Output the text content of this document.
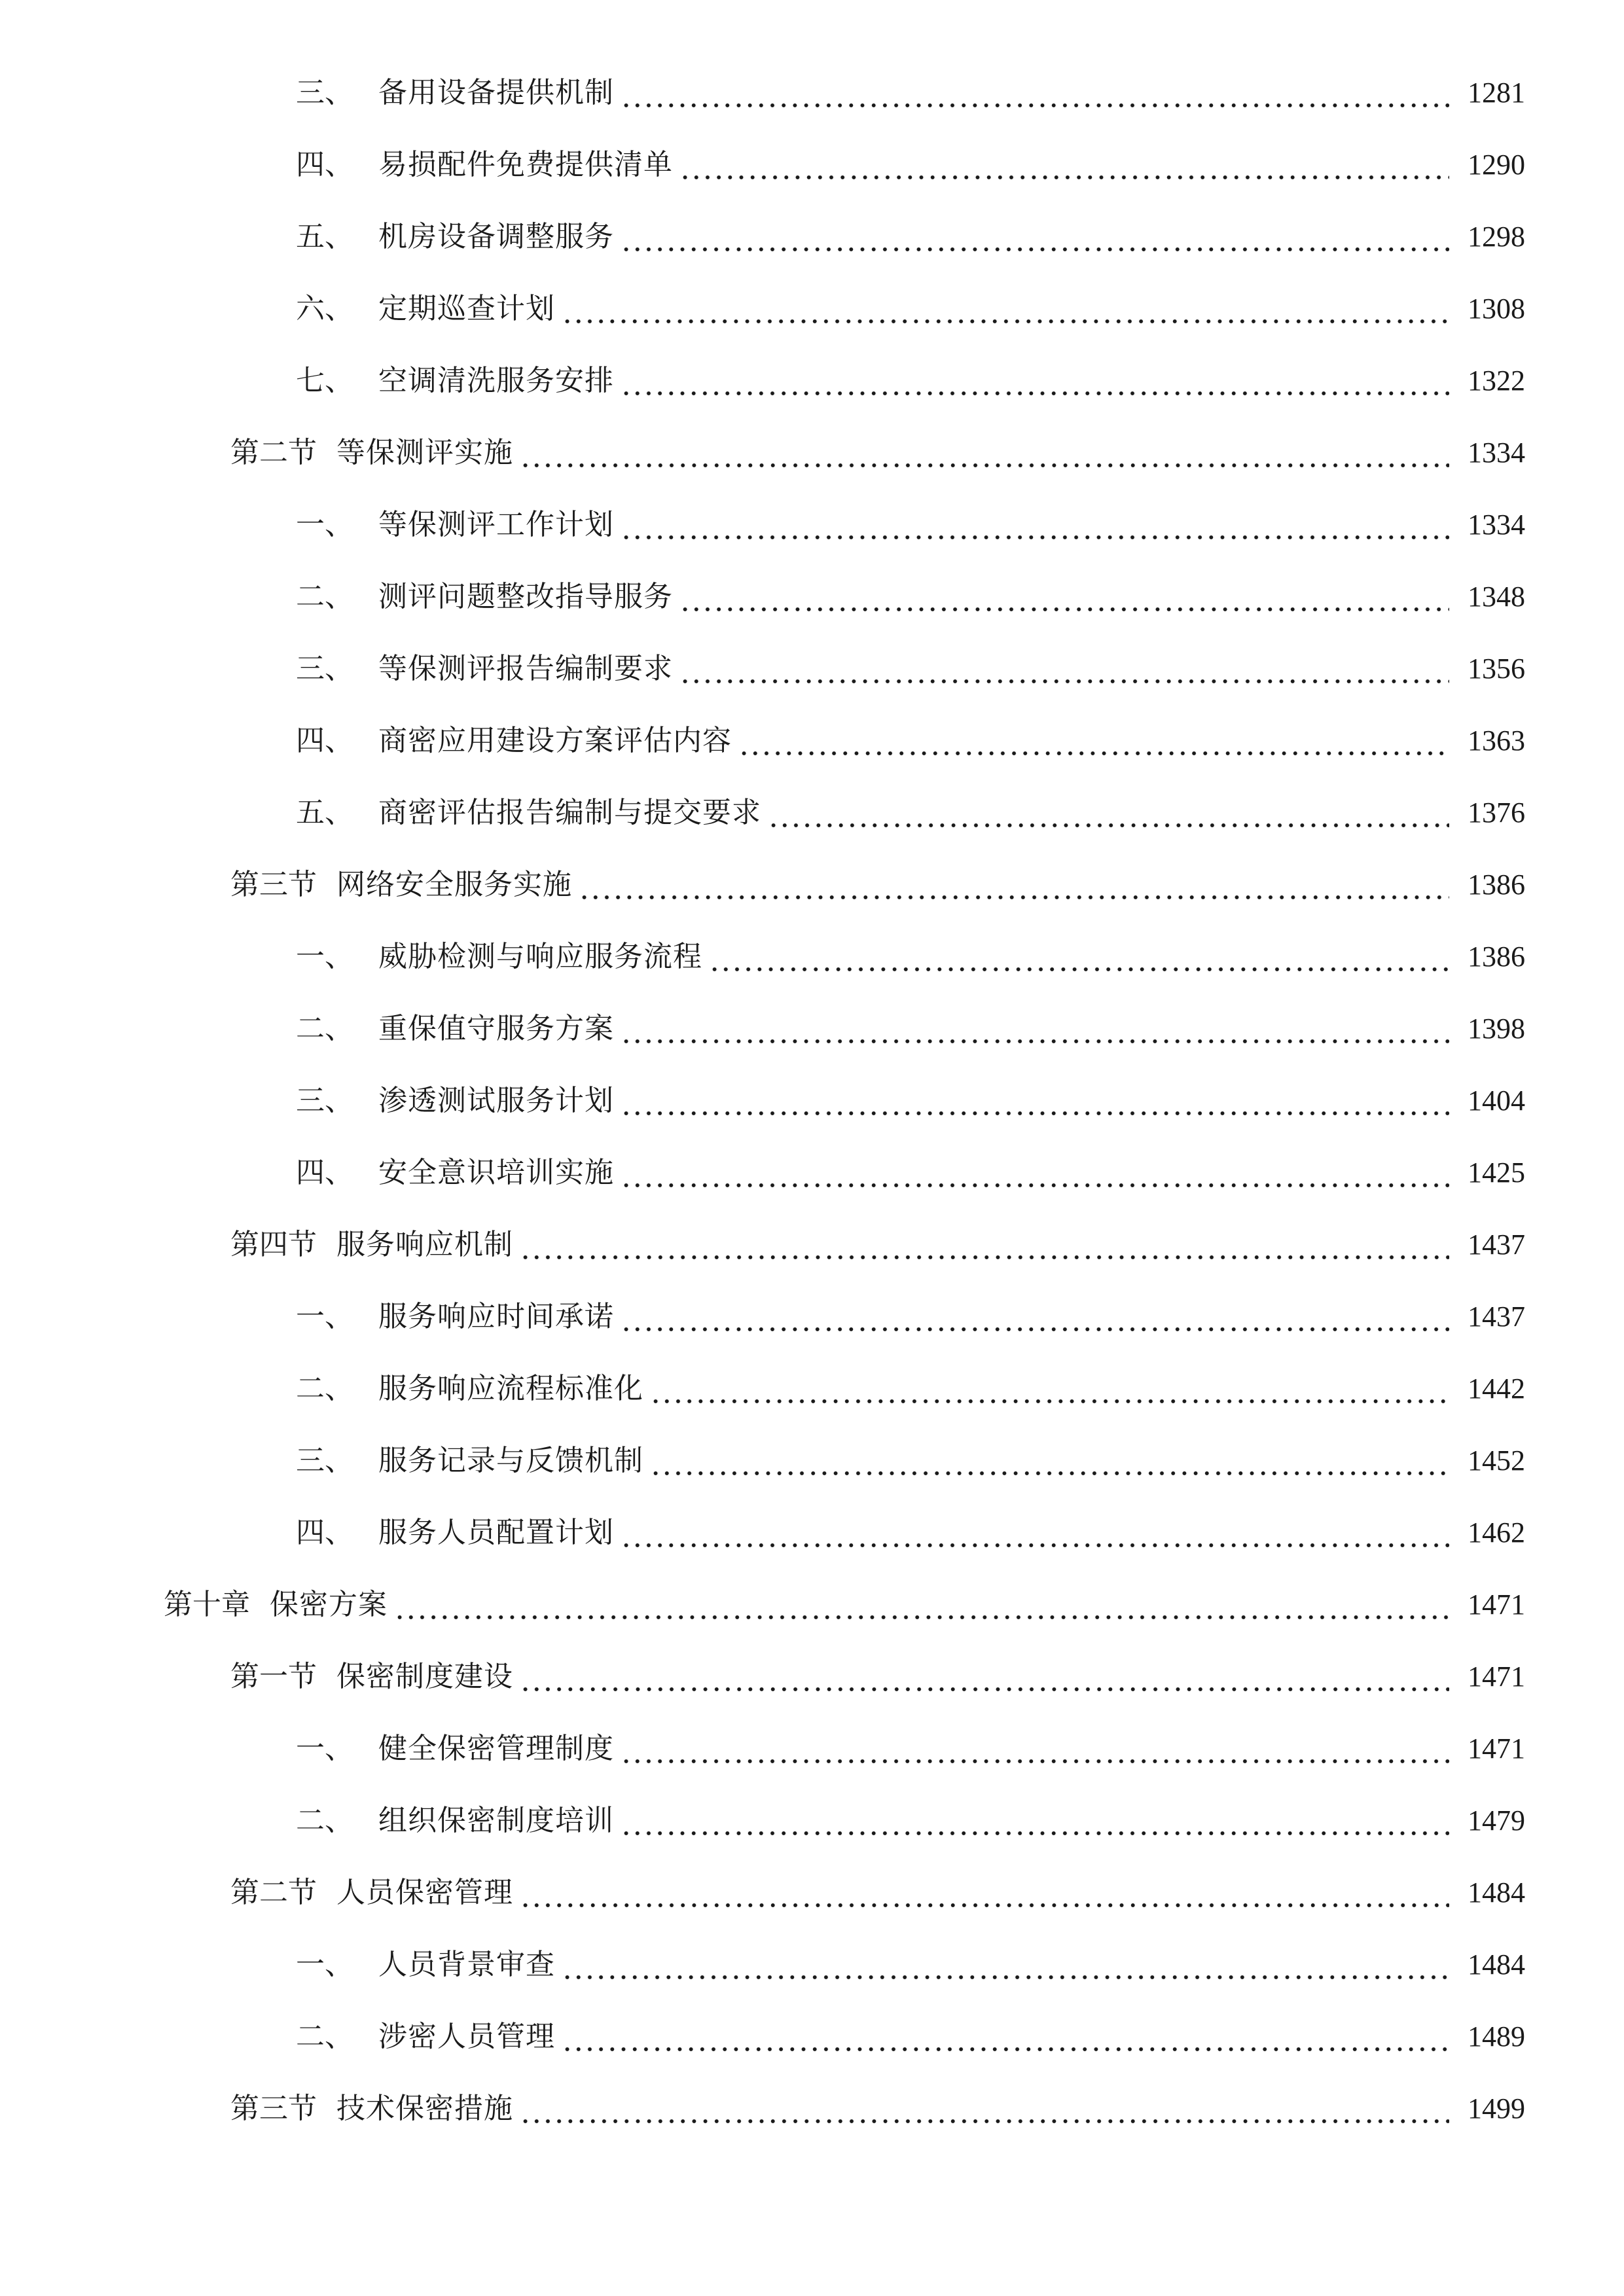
三、 备用设备提供机制	1281
四、 易损配件免费提供清单	1290
五、 机房设备调整服务	1298
六、 定期巡查计划	1308
七、 空调清洗服务安排	1322
第二节 等保测评实施	1334
一、 等保测评工作计划	1334
二、 测评问题整改指导服务	1348
三、 等保测评报告编制要求	1356
四、 商密应用建设方案评估内容	1363
五、 商密评估报告编制与提交要求	1376
第三节 网络安全服务实施	1386
一、 威胁检测与响应服务流程	1386
二、 重保值守服务方案	1398
三、 渗透测试服务计划	1404
四、 安全意识培训实施	1425
第四节 服务响应机制	1437
一、 服务响应时间承诺	1437
二、 服务响应流程标准化	1442
三、 服务记录与反馈机制	1452
四、 服务人员配置计划	1462
第十章 保密方案	1471
第一节 保密制度建设	1471
一、 健全保密管理制度	1471
二、 组织保密制度培训	1479
第二节 人员保密管理	1484
一、 人员背景审查	1484
二、 涉密人员管理	1489
第三节 技术保密措施	1499
